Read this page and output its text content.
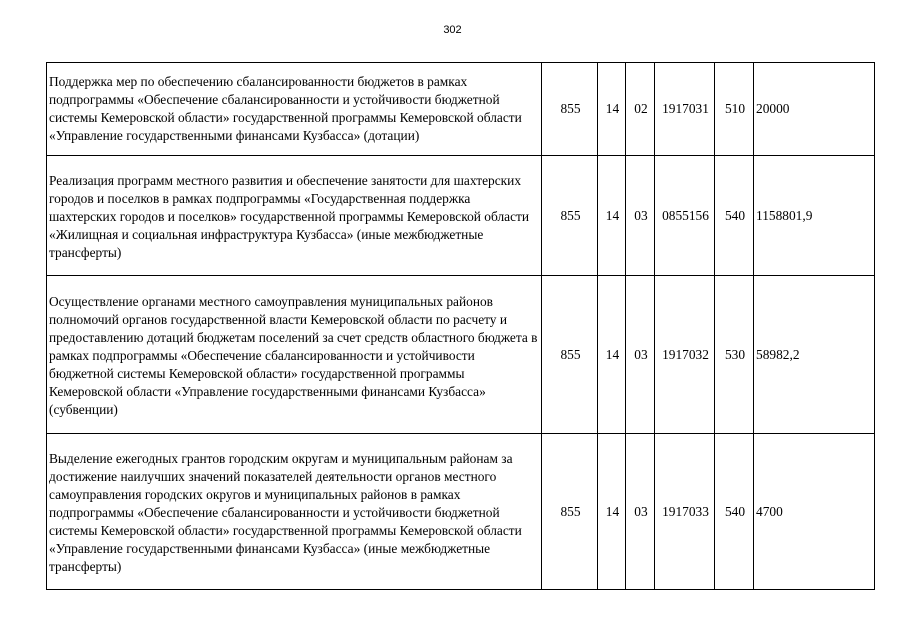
302
Поддержка мер по обеспечению сбалансированности бюджетов в рамках подпрограммы «Обеспечение сбалансированности и устойчивости бюджетной системы Кемеровской области» государственной программы Кемеровской области «Управление государственными финансами Кузбасса» (дотации)	855	14	02	1917031	510	20000
Реализация программ местного развития и обеспечение занятости для шахтерских городов и поселков в рамках подпрограммы «Государственная поддержка шахтерских городов и поселков» государственной программы Кемеровской области «Жилищная и социальная инфраструктура Кузбасса» (иные межбюджетные трансферты)	855	14	03	0855156	540	1158801,9
Осуществление органами местного самоуправления муниципальных районов полномочий органов государственной власти Кемеровской области по расчету и предоставлению дотаций бюджетам поселений за счет средств областного бюджета в рамках подпрограммы «Обеспечение сбалансированности и устойчивости бюджетной системы Кемеровской области» государственной программы Кемеровской области «Управление государственными финансами Кузбасса» (субвенции)	855	14	03	1917032	530	58982,2
Выделение ежегодных грантов городским округам и муниципальным районам за достижение наилучших значений показателей деятельности органов местного самоуправления городских округов и муниципальных районов в рамках подпрограммы «Обеспечение сбалансированности и устойчивости бюджетной системы Кемеровской области» государственной программы Кемеровской области «Управление государственными финансами Кузбасса» (иные межбюджетные трансферты)	855	14	03	1917033	540	4700
